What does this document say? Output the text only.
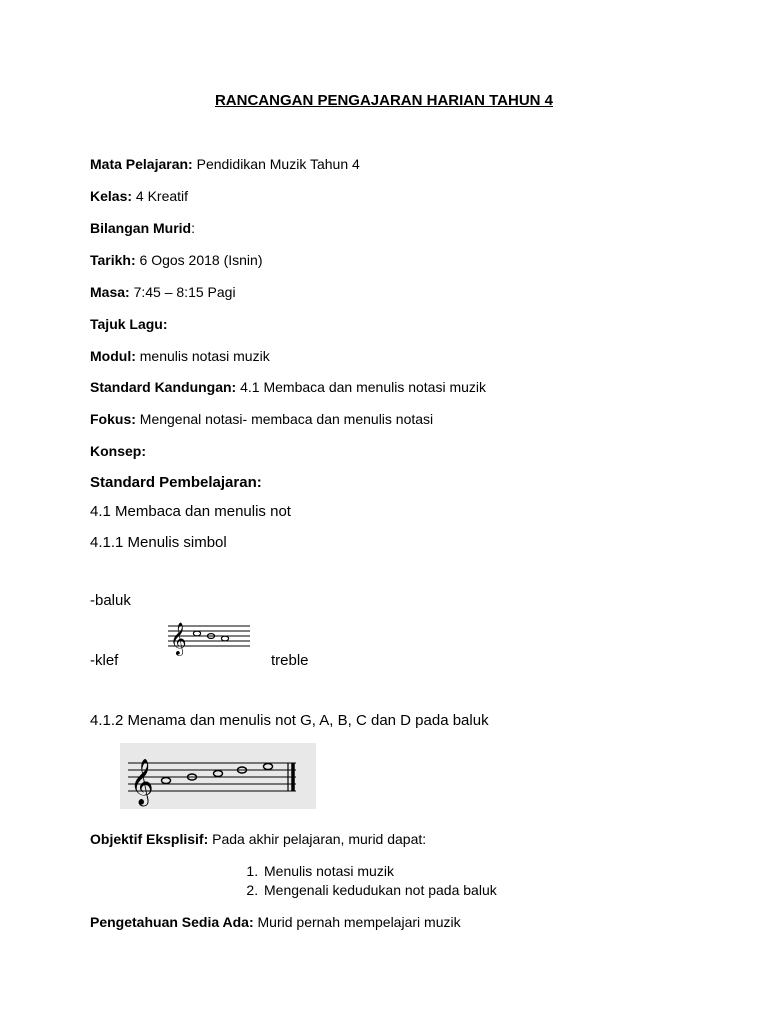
RANCANGAN PENGAJARAN HARIAN TAHUN 4
Mata Pelajaran: Pendidikan Muzik Tahun 4
Kelas: 4 Kreatif
Bilangan Murid:
Tarikh: 6 Ogos 2018 (Isnin)
Masa: 7:45 – 8:15 Pagi
Tajuk Lagu:
Modul: menulis notasi muzik
Standard Kandungan: 4.1 Membaca dan menulis notasi muzik
Fokus: Mengenal notasi- membaca dan menulis notasi
Konsep:
Standard Pembelajaran:
4.1 Membaca dan menulis not
4.1.1 Menulis simbol
-baluk
𝄞
-klef	treble
4.1.2 Menama dan menulis not G, A, B, C dan D pada baluk
𝄞
Objektif Eksplisif: Pada akhir pelajaran, murid dapat:
1. Menulis notasi muzik
2. Mengenali kedudukan not pada baluk
Pengetahuan Sedia Ada: Murid pernah mempelajari muzik
